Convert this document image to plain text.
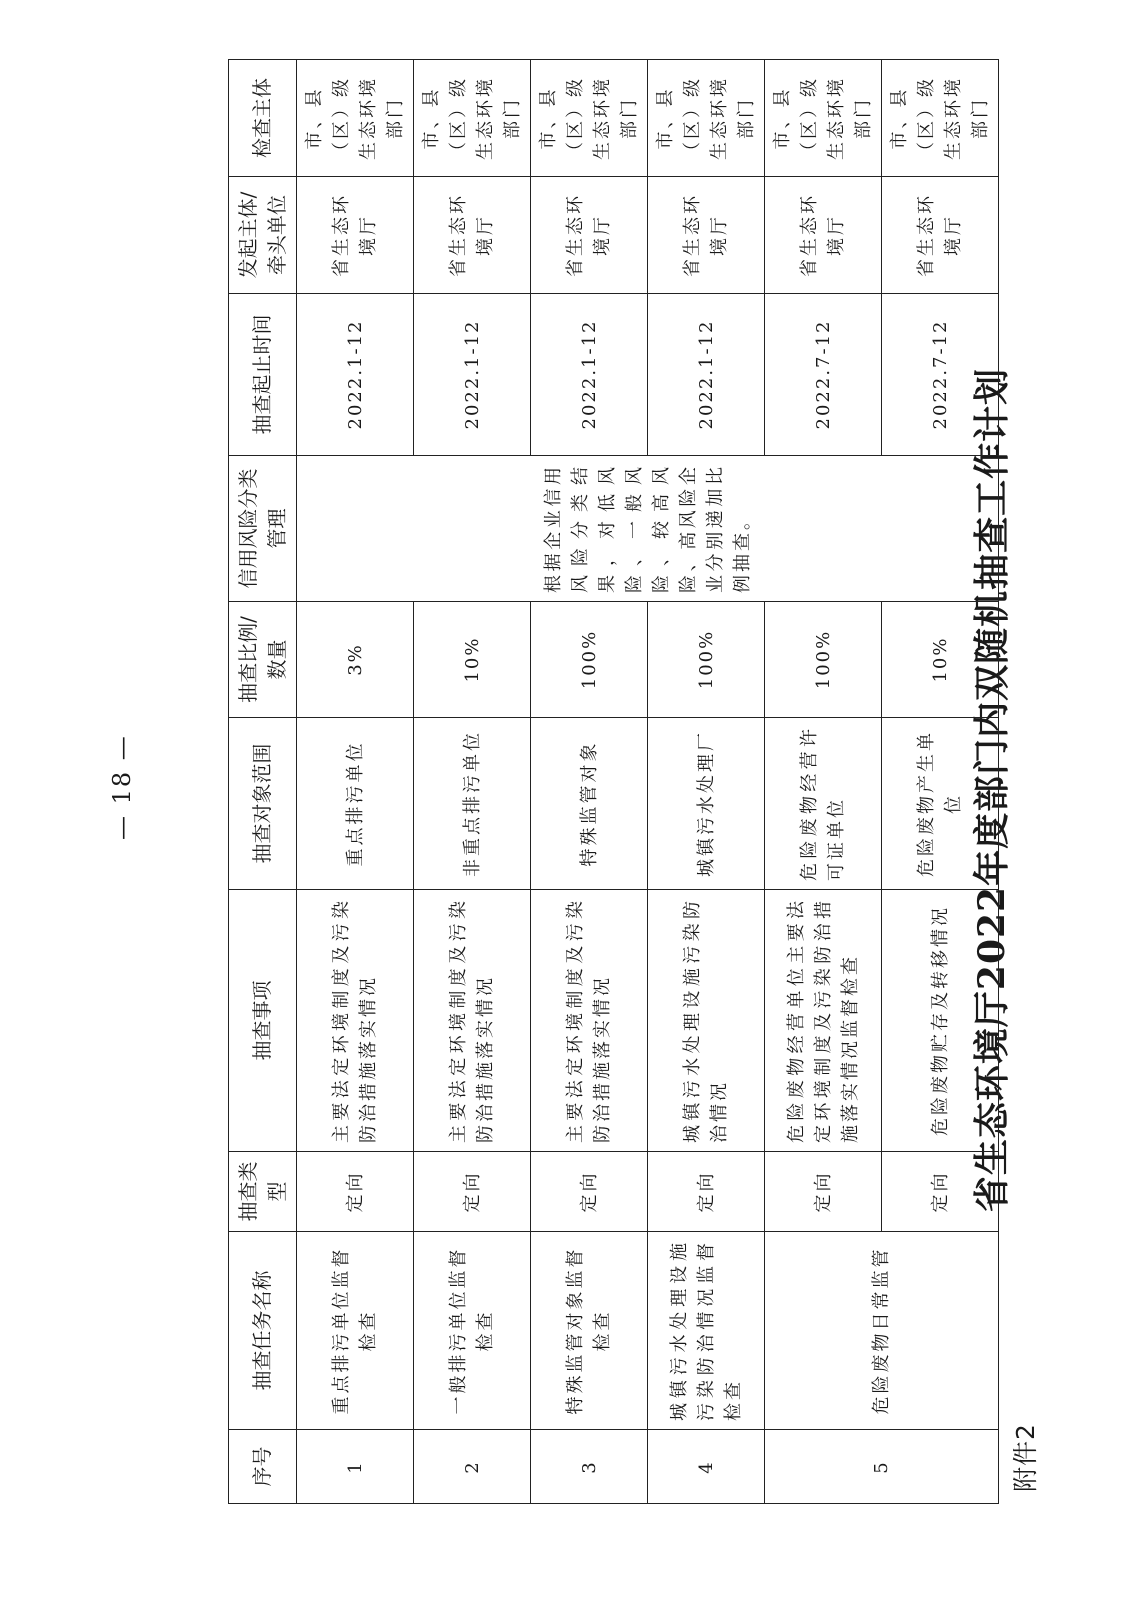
附件2
省生态环境厅2022年度部门内双随机抽查工作计划
序号	抽查任务名称	抽查类型	抽查事项	抽查对象范围	抽查比例/数量	信用风险分类管理	抽查起止时间	发起主体/牵头单位	检查主体
1	重点排污单位监督检查	定向	主要法定环境制度及污染防治措施落实情况	重点排污单位	3%	根据企业信用风险分类结果，对低风险、一般风险、较高风险、高风险企业分别递加比例抽查。	2022.1-12	省生态环境厅	市、县（区）级生态环境部门
2	一般排污单位监督检查	定向	主要法定环境制度及污染防治措施落实情况	非重点排污单位	10%		2022.1-12	省生态环境厅	市、县（区）级生态环境部门
3	特殊监管对象监督检查	定向	主要法定环境制度及污染防治措施落实情况	特殊监管对象	100%		2022.1-12	省生态环境厅	市、县（区）级生态环境部门
4	城镇污水处理设施污染防治情况监督检查	定向	城镇污水处理设施污染防治情况	城镇污水处理厂	100%		2022.1-12	省生态环境厅	市、县（区）级生态环境部门
5	危险废物日常监管	定向	危险废物经营单位主要法定环境制度及污染防治措施落实情况监督检查	危险废物经营许可证单位	100%		2022.7-12	省生态环境厅	市、县（区）级生态环境部门
		定向	危险废物贮存及转移情况	危险废物产生单位	10%		2022.7-12	省生态环境厅	市、县（区）级生态环境部门
— 18 —
